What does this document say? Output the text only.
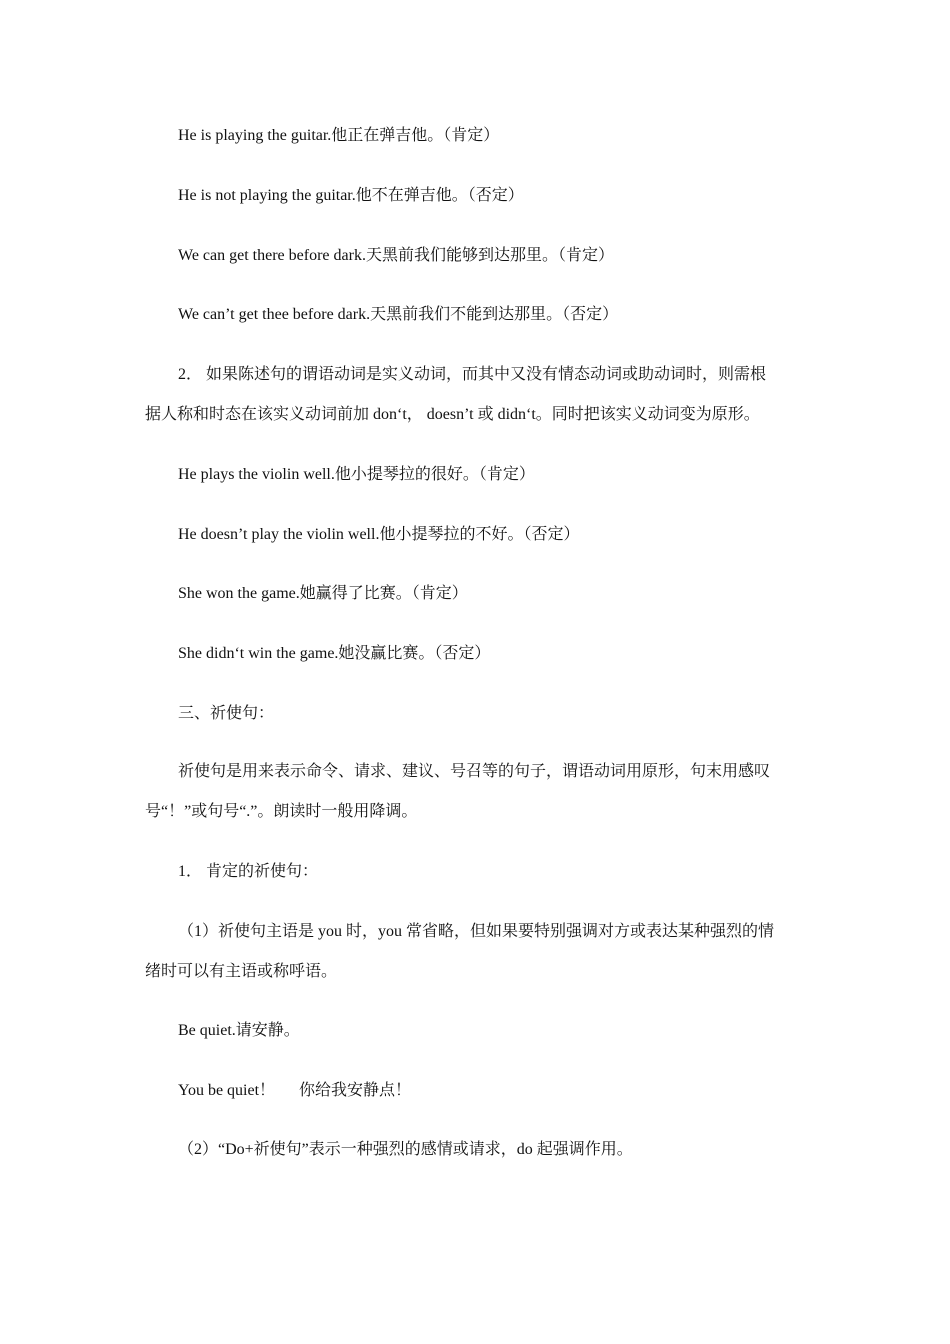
He is playing the guitar.他正在弹吉他。（肯定）
He is not playing the guitar.他不在弹吉他。（否定）
We can get there before dark.天黑前我们能够到达那里。（肯定）
We can’t get thee before dark.天黑前我们不能到达那里。（否定）
2． 如果陈述句的谓语动词是实义动词，而其中又没有情态动词或助动词时，则需根
据人称和时态在该实义动词前加 don‘t， doesn’t 或 didn‘t。同时把该实义动词变为原形。
He plays the violin well.他小提琴拉的很好。（肯定）
He doesn’t play the violin well.他小提琴拉的不好。（否定）
She won the game.她赢得了比赛。（肯定）
She didn‘t win the game.她没赢比赛。（否定）
三、祈使句：
祈使句是用来表示命令、请求、建议、号召等的句子，谓语动词用原形，句末用感叹
号“！”或句号“.”。朗读时一般用降调。
1． 肯定的祈使句：
（1）祈使句主语是 you 时，you 常省略，但如果要特别强调对方或表达某种强烈的情
绪时可以有主语或称呼语。
Be quiet.请安静。
You be quiet！      你给我安静点！
（2）“Do+祈使句”表示一种强烈的感情或请求，do 起强调作用。
